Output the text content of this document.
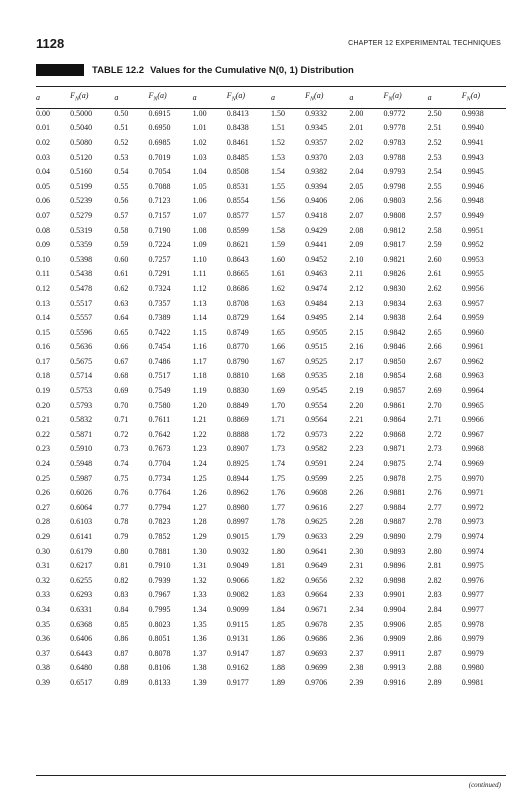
1128	CHAPTER 12 EXPERIMENTAL TECHNIQUES
TABLE 12.2 Values for the Cumulative N(0, 1) Distribution
a	$F_N(a)$	a	$F_N(a)$	a	$F_N(a)$	a	$F_N(a)$	a	$F_N(a)$	a	$F_N(a)$
0.00	0.5000	0.50	0.6915	1.00	0.8413	1.50	0.9332	2.00	0.9772	2.50	0.9938
0.01	0.5040	0.51	0.6950	1.01	0.8438	1.51	0.9345	2.01	0.9778	2.51	0.9940
0.02	0.5080	0.52	0.6985	1.02	0.8461	1.52	0.9357	2.02	0.9783	2.52	0.9941
0.03	0.5120	0.53	0.7019	1.03	0.8485	1.53	0.9370	2.03	0.9788	2.53	0.9943
0.04	0.5160	0.54	0.7054	1.04	0.8508	1.54	0.9382	2.04	0.9793	2.54	0.9945
0.05	0.5199	0.55	0.7088	1.05	0.8531	1.55	0.9394	2.05	0.9798	2.55	0.9946
0.06	0.5239	0.56	0.7123	1.06	0.8554	1.56	0.9406	2.06	0.9803	2.56	0.9948
0.07	0.5279	0.57	0.7157	1.07	0.8577	1.57	0.9418	2.07	0.9808	2.57	0.9949
0.08	0.5319	0.58	0.7190	1.08	0.8599	1.58	0.9429	2.08	0.9812	2.58	0.9951
0.09	0.5359	0.59	0.7224	1.09	0.8621	1.59	0.9441	2.09	0.9817	2.59	0.9952
0.10	0.5398	0.60	0.7257	1.10	0.8643	1.60	0.9452	2.10	0.9821	2.60	0.9953
0.11	0.5438	0.61	0.7291	1.11	0.8665	1.61	0.9463	2.11	0.9826	2.61	0.9955
0.12	0.5478	0.62	0.7324	1.12	0.8686	1.62	0.9474	2.12	0.9830	2.62	0.9956
0.13	0.5517	0.63	0.7357	1.13	0.8708	1.63	0.9484	2.13	0.9834	2.63	0.9957
0.14	0.5557	0.64	0.7389	1.14	0.8729	1.64	0.9495	2.14	0.9838	2.64	0.9959
0.15	0.5596	0.65	0.7422	1.15	0.8749	1.65	0.9505	2.15	0.9842	2.65	0.9960
0.16	0.5636	0.66	0.7454	1.16	0.8770	1.66	0.9515	2.16	0.9846	2.66	0.9961
0.17	0.5675	0.67	0.7486	1.17	0.8790	1.67	0.9525	2.17	0.9850	2.67	0.9962
0.18	0.5714	0.68	0.7517	1.18	0.8810	1.68	0.9535	2.18	0.9854	2.68	0.9963
0.19	0.5753	0.69	0.7549	1.19	0.8830	1.69	0.9545	2.19	0.9857	2.69	0.9964
0.20	0.5793	0.70	0.7580	1.20	0.8849	1.70	0.9554	2.20	0.9861	2.70	0.9965
0.21	0.5832	0.71	0.7611	1.21	0.8869	1.71	0.9564	2.21	0.9864	2.71	0.9966
0.22	0.5871	0.72	0.7642	1.22	0.8888	1.72	0.9573	2.22	0.9868	2.72	0.9967
0.23	0.5910	0.73	0.7673	1.23	0.8907	1.73	0.9582	2.23	0.9871	2.73	0.9968
0.24	0.5948	0.74	0.7704	1.24	0.8925	1.74	0.9591	2.24	0.9875	2.74	0.9969
0.25	0.5987	0.75	0.7734	1.25	0.8944	1.75	0.9599	2.25	0.9878	2.75	0.9970
0.26	0.6026	0.76	0.7764	1.26	0.8962	1.76	0.9608	2.26	0.9881	2.76	0.9971
0.27	0.6064	0.77	0.7794	1.27	0.8980	1.77	0.9616	2.27	0.9884	2.77	0.9972
0.28	0.6103	0.78	0.7823	1.28	0.8997	1.78	0.9625	2.28	0.9887	2.78	0.9973
0.29	0.6141	0.79	0.7852	1.29	0.9015	1.79	0.9633	2.29	0.9890	2.79	0.9974
0.30	0.6179	0.80	0.7881	1.30	0.9032	1.80	0.9641	2.30	0.9893	2.80	0.9974
0.31	0.6217	0.81	0.7910	1.31	0.9049	1.81	0.9649	2.31	0.9896	2.81	0.9975
0.32	0.6255	0.82	0.7939	1.32	0.9066	1.82	0.9656	2.32	0.9898	2.82	0.9976
0.33	0.6293	0.83	0.7967	1.33	0.9082	1.83	0.9664	2.33	0.9901	2.83	0.9977
0.34	0.6331	0.84	0.7995	1.34	0.9099	1.84	0.9671	2.34	0.9904	2.84	0.9977
0.35	0.6368	0.85	0.8023	1.35	0.9115	1.85	0.9678	2.35	0.9906	2.85	0.9978
0.36	0.6406	0.86	0.8051	1.36	0.9131	1.86	0.9686	2.36	0.9909	2.86	0.9979
0.37	0.6443	0.87	0.8078	1.37	0.9147	1.87	0.9693	2.37	0.9911	2.87	0.9979
0.38	0.6480	0.88	0.8106	1.38	0.9162	1.88	0.9699	2.38	0.9913	2.88	0.9980
0.39	0.6517	0.89	0.8133	1.39	0.9177	1.89	0.9706	2.39	0.9916	2.89	0.9981
(continued)
